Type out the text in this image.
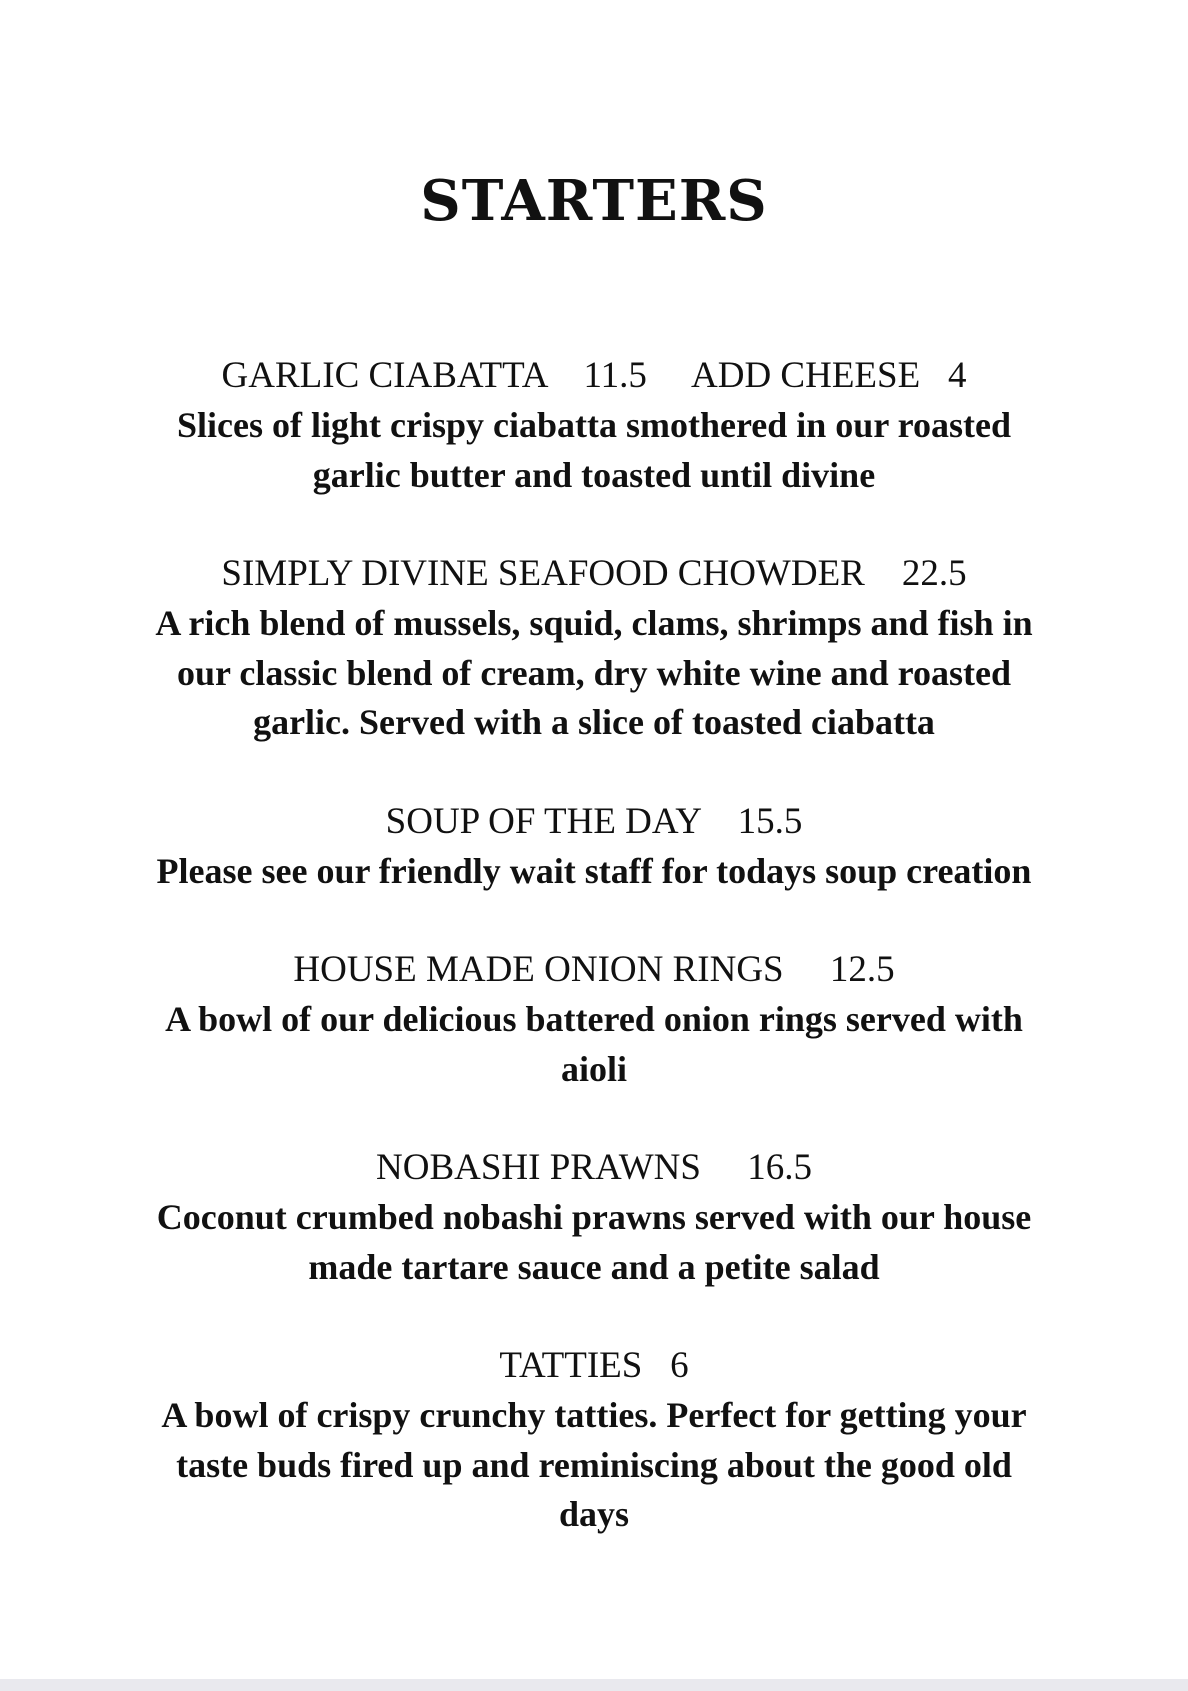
STARTERS
GARLIC CIABATTA    11.5     ADD CHEESE   4

Slices of light crispy ciabatta smothered in our roasted garlic butter and toasted until divine

SIMPLY DIVINE SEAFOOD CHOWDER    22.5

A rich blend of mussels, squid, clams, shrimps and fish in our classic blend of cream, dry white wine and roasted garlic. Served with a slice of toasted ciabatta

SOUP OF THE DAY    15.5

Please see our friendly wait staff for todays soup creation

HOUSE MADE ONION RINGS     12.5

A bowl of our delicious battered onion rings served with aioli

NOBASHI PRAWNS     16.5

Coconut crumbed nobashi prawns served with our house made tartare sauce and a petite salad

TATTIES   6

A bowl of crispy crunchy tatties. Perfect for getting your taste buds fired up and reminiscing about the good old days
